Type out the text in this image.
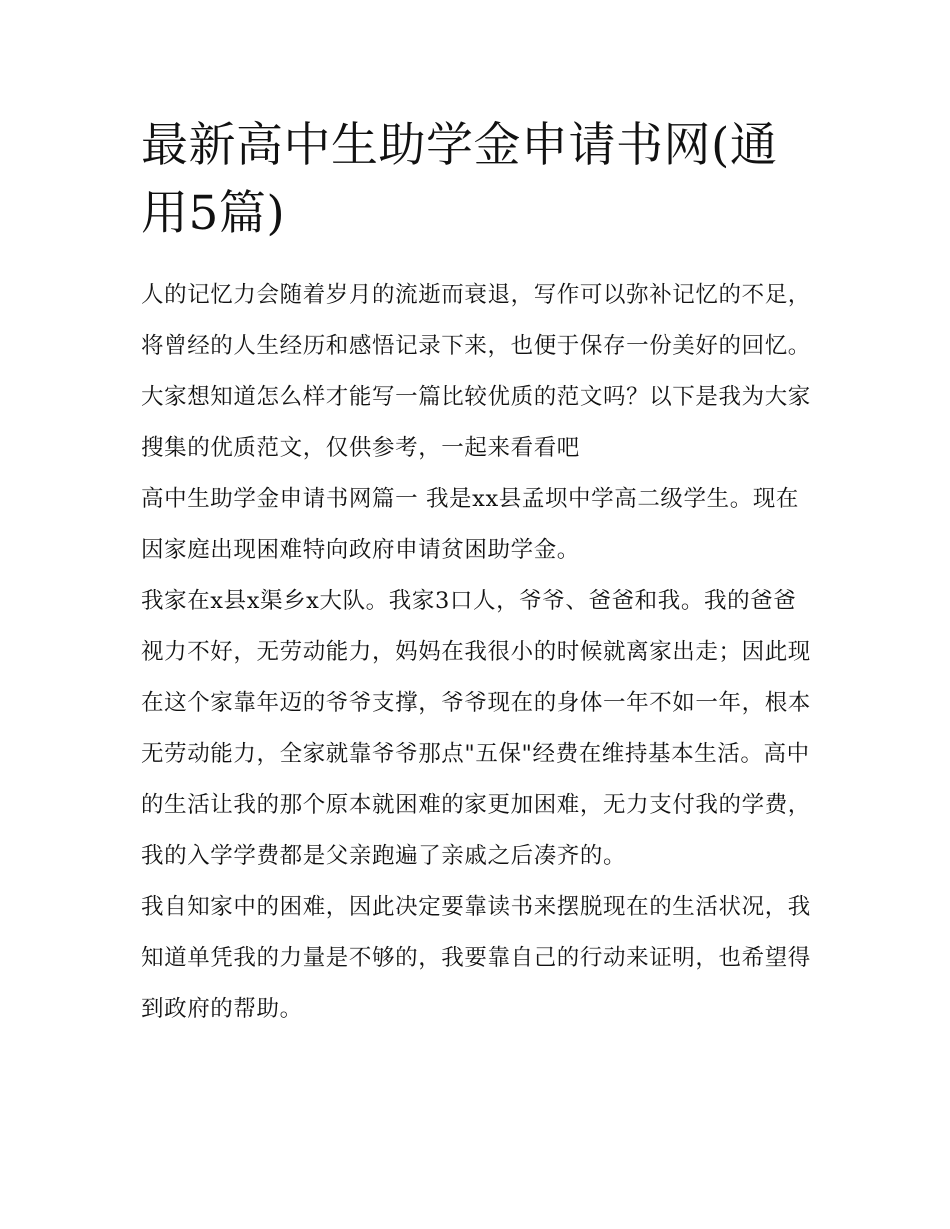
最新高中生助学金申请书网(通用5篇)

人的记忆力会随着岁月的流逝而衰退，写作可以弥补记忆的不足，将曾经的人生经历和感悟记录下来，也便于保存一份美好的回忆。大家想知道怎么样才能写一篇比较优质的范文吗？以下是我为大家搜集的优质范文，仅供参考，一起来看看吧

高中生助学金申请书网篇一 我是xx县孟坝中学高二级学生。现在因家庭出现困难特向政府申请贫困助学金。

我家在x县x渠乡x大队。我家3口人，爷爷、爸爸和我。我的爸爸视力不好，无劳动能力，妈妈在我很小的时候就离家出走；因此现在这个家靠年迈的爷爷支撑，爷爷现在的身体一年不如一年，根本无劳动能力，全家就靠爷爷那点"五保"经费在维持基本生活。高中的生活让我的那个原本就困难的家更加困难，无力支付我的学费，我的入学学费都是父亲跑遍了亲戚之后凑齐的。

我自知家中的困难，因此决定要靠读书来摆脱现在的生活状况，我知道单凭我的力量是不够的，我要靠自己的行动来证明，也希望得到政府的帮助。
